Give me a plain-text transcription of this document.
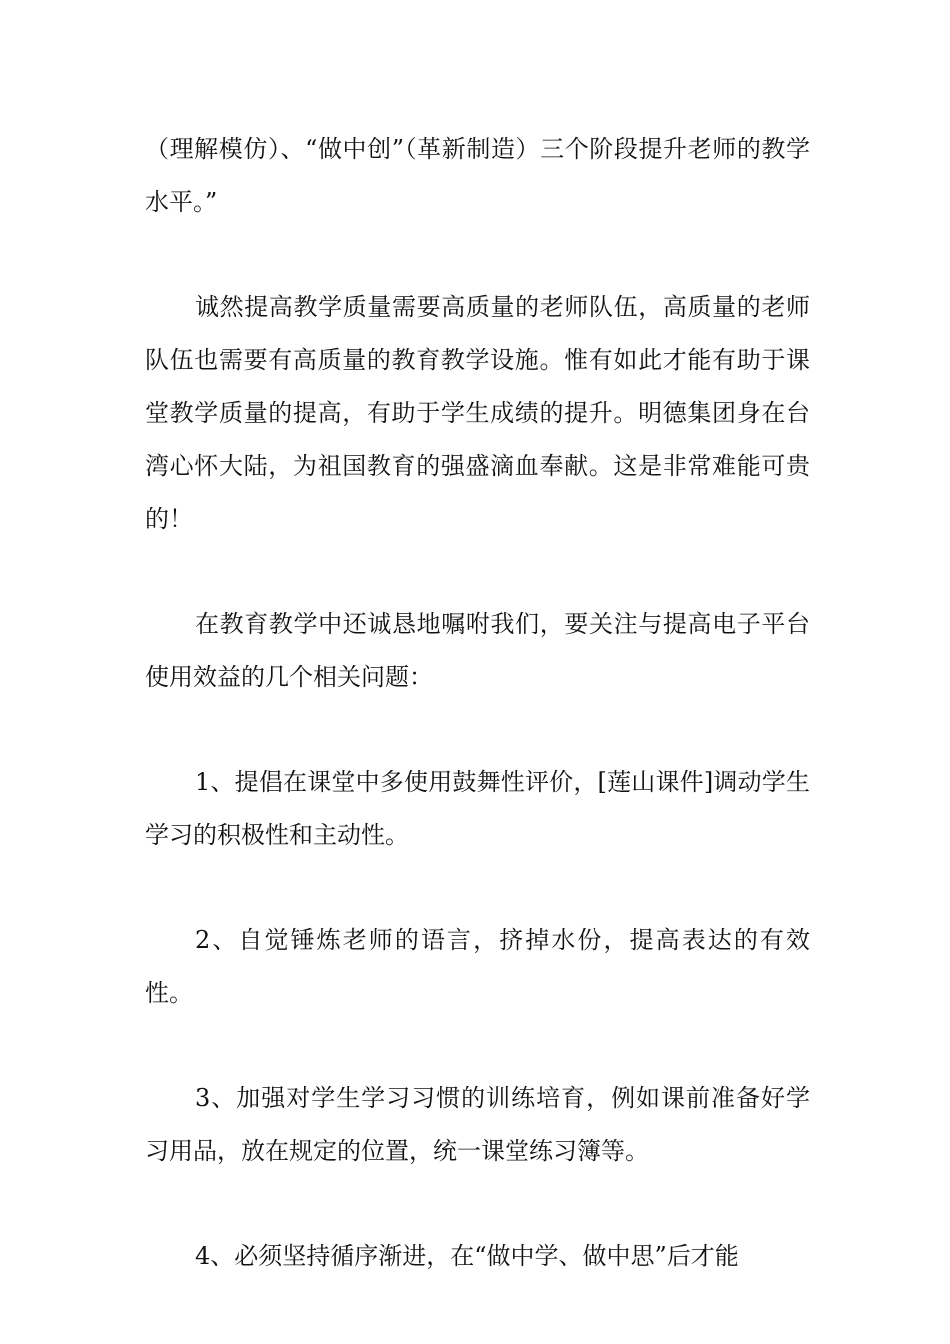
（理解模仿）、“做中创”（革新制造）三个阶段提升老师的教学水平。”

诚然提高教学质量需要高质量的老师队伍，高质量的老师队伍也需要有高质量的教育教学设施。惟有如此才能有助于课堂教学质量的提高，有助于学生成绩的提升。明德集团身在台湾心怀大陆，为祖国教育的强盛滴血奉献。这是非常难能可贵的！

在教育教学中还诚恳地嘱咐我们，要关注与提高电子平台使用效益的几个相关问题：

1、提倡在课堂中多使用鼓舞性评价，[莲山课件]调动学生学习的积极性和主动性。

2、自觉锤炼老师的语言，挤掉水份，提高表达的有效性。

3、加强对学生学习习惯的训练培育，例如课前准备好学习用品，放在规定的位置，统一课堂练习簿等。

4、必须坚持循序渐进，在“做中学、做中思”后才能
